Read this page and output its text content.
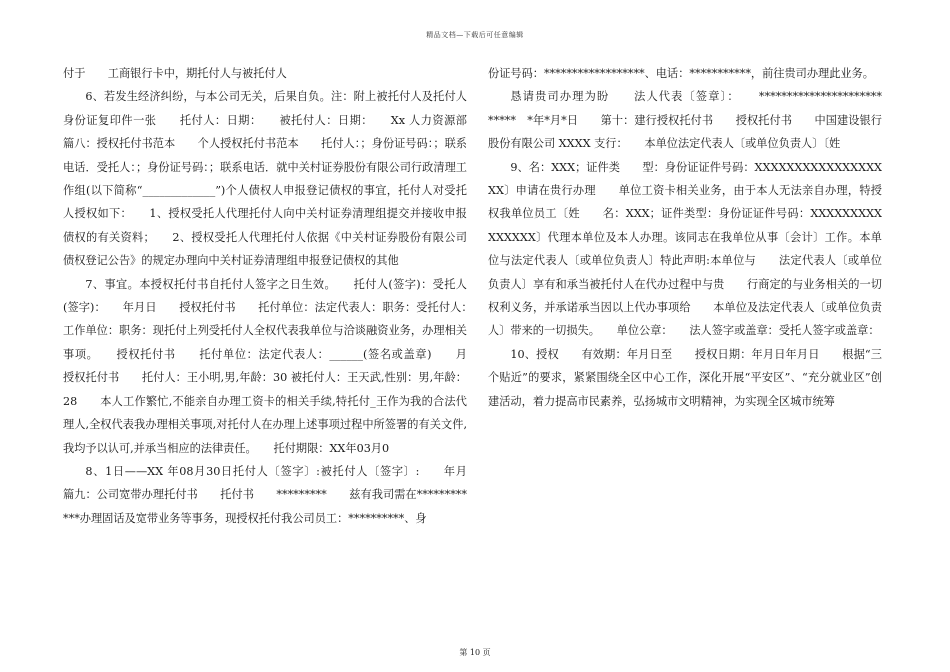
精品文档—下载后可任意编辑

付于　　工商银行卡中，期托付人与被托付人

6、若发生经济纠纷，与本公司无关，后果自负。注：附上被托付人及托付人身份证复印件一张　　托付人：日期：　　被托付人：日期：　　Xx 人力资源部　　篇八：授权托付书范本　　个人授权托付书范本　　托付人：；身份证号码：；联系电话．受托人：；身份证号码：；联系电话．就中关村证券股份有限公司行政清理工作组(以下简称“_____________”)个人债权人申报登记债权的事宜，托付人对受托人授权如下：　　1、授权受托人代理托付人向中关村证券清理组提交并接收申报债权的有关资料；　　2、授权受托人代理托付人依据《中关村证券股份有限公司债权登记公告》的规定办理向中关村证券清理组申报登记债权的其他

7、事宜。本授权托付书自托付人签字之日生效。　　托付人(签字)：受托人(签字)：　　年月日　　授权托付书　　托付单位：法定代表人：职务：受托付人：　　工作单位：职务：现托付上列受托付人全权代表我单位与洽谈融资业务，办理相关事项。　　授权托付书　　托付单位：法定代表人：______(签名或盖章)　　月　　授权托付书　　托付人：王小明,男,年龄：30 被托付人：王天武,性别：男,年龄：28　　本人工作繁忙,不能亲自办理工资卡的相关手续,特托付_王作为我的合法代理人,全权代表我办理相关事项,对托付人在办理上述事项过程中所签署的有关文件,我均予以认可,并承当相应的法律责任。　　托付期限：XX年03月0

8、1日——XX 年08月30日托付人〔签字〕:被托付人〔签字〕:　　年月　　篇九：公司宽带办理托付书　　托付书　　*********　　兹有我司需在************办理固话及宽带业务等事务，现授权托付我公司员工：**********、身

份证号码：******************、电话：***********，前往贵司办理此业务。

恳请贵司办理为盼　　法人代表〔签章〕：　　**********************　　*****　*年*月*日　　第十：建行授权托付书　　授权托付书　　中国建设银行股份有限公司 XXXX 支行：　　本单位法定代表人〔或单位负责人〕〔姓

9、名：XXX；证件类　　型：身份证证件号码：XXXXXXXXXXXXXXXXXX〕申请在贵行办理　　单位工资卡相关业务，由于本人无法亲自办理，特授权我单位员工〔姓　　名：XXX；证件类型：身份证证件号码：XXXXXXXXXXXXXXX〕代理本单位及本人办理。该同志在我单位从事〔会计〕工作。本单位与法定代表人〔或单位负责人〕特此声明:本单位与　　法定代表人〔或单位负责人〕享有和承当被托付人在代办过程中与贵　　行商定的与业务相关的一切权利义务，并承诺承当因以上代办事项给　　本单位及法定代表人〔或单位负责人〕带来的一切损失。　　单位公章：　　法人签字或盖章：受托人签字或盖章：

10、授权　　有效期：年月日至　　授权日期：年月日年月日　　根据“三个贴近”的要求，紧紧围绕全区中心工作，深化开展“平安区”、“充分就业区”创建活动，着力提高市民素养，弘扬城市文明精神，为实现全区城市统筹

第 10 页
